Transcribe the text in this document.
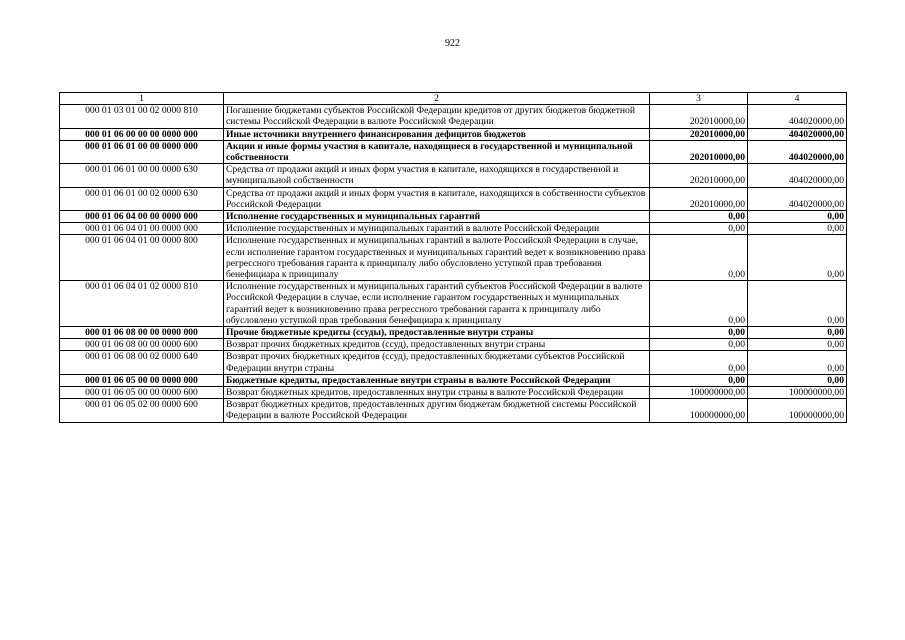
922
1	2	3	4
000 01 03 01 00 02 0000 810	Погашение бюджетами субъектов Российской Федерации кредитов от других бюджетов бюджетной системы Российской Федерации в валюте Российской Федерации	202010000,00	404020000,00
000 01 06 00 00 00 0000 000	Иные источники внутреннего финансирования дефицитов бюджетов	202010000,00	404020000,00
000 01 06 01 00 00 0000 000	Акции и иные формы участия в капитале, находящиеся в государственной и муниципальной собственности	202010000,00	404020000,00
000 01 06 01 00 00 0000 630	Средства от продажи акций и иных форм участия в капитале, находящихся в государственной и муниципальной собственности	202010000,00	404020000,00
000 01 06 01 00 02 0000 630	Средства от продажи акций и иных форм участия в капитале, находящихся в собственности субъектов Российской Федерации	202010000,00	404020000,00
000 01 06 04 00 00 0000 000	Исполнение государственных и муниципальных гарантий	0,00	0,00
000 01 06 04 01 00 0000 000	Исполнение государственных и муниципальных гарантий в валюте Российской Федерации	0,00	0,00
000 01 06 04 01 00 0000 800	Исполнение государственных и муниципальных гарантий в валюте Российской Федерации в случае, если исполнение гарантом государственных и муниципальных гарантий ведет к возникновению права регрессного требования гаранта к принципалу либо обусловлено уступкой прав требования бенефициара к принципалу	0,00	0,00
000 01 06 04 01 02 0000 810	Исполнение государственных и муниципальных гарантий субъектов Российской Федерации в валюте Российской Федерации в случае, если исполнение гарантом государственных и муниципальных гарантий ведет к возникновению права регрессного требования гаранта к принципалу либо обусловлено уступкой прав требования бенефициара к принципалу	0,00	0,00
000 01 06 08 00 00 0000 000	Прочие бюджетные кредиты (ссуды), предоставленные внутри страны	0,00	0,00
000 01 06 08 00 00 0000 600	Возврат прочих бюджетных кредитов (ссуд), предоставленных внутри страны	0,00	0,00
000 01 06 08 00 02 0000 640	Возврат прочих бюджетных кредитов (ссуд), предоставленных бюджетами субъектов Российской Федерации внутри страны	0,00	0,00
000 01 06 05 00 00 0000 000	Бюджетные кредиты, предоставленные внутри страны в валюте Российской Федерации	0,00	0,00
000 01 06 05 00 00 0000 600	Возврат бюджетных кредитов, предоставленных внутри страны в валюте Российской Федерации	100000000,00	100000000,00
000 01 06 05 02 00 0000 600	Возврат бюджетных кредитов, предоставленных другим бюджетам бюджетной системы Российской Федерации в валюте Российской Федерации	100000000,00	100000000,00
